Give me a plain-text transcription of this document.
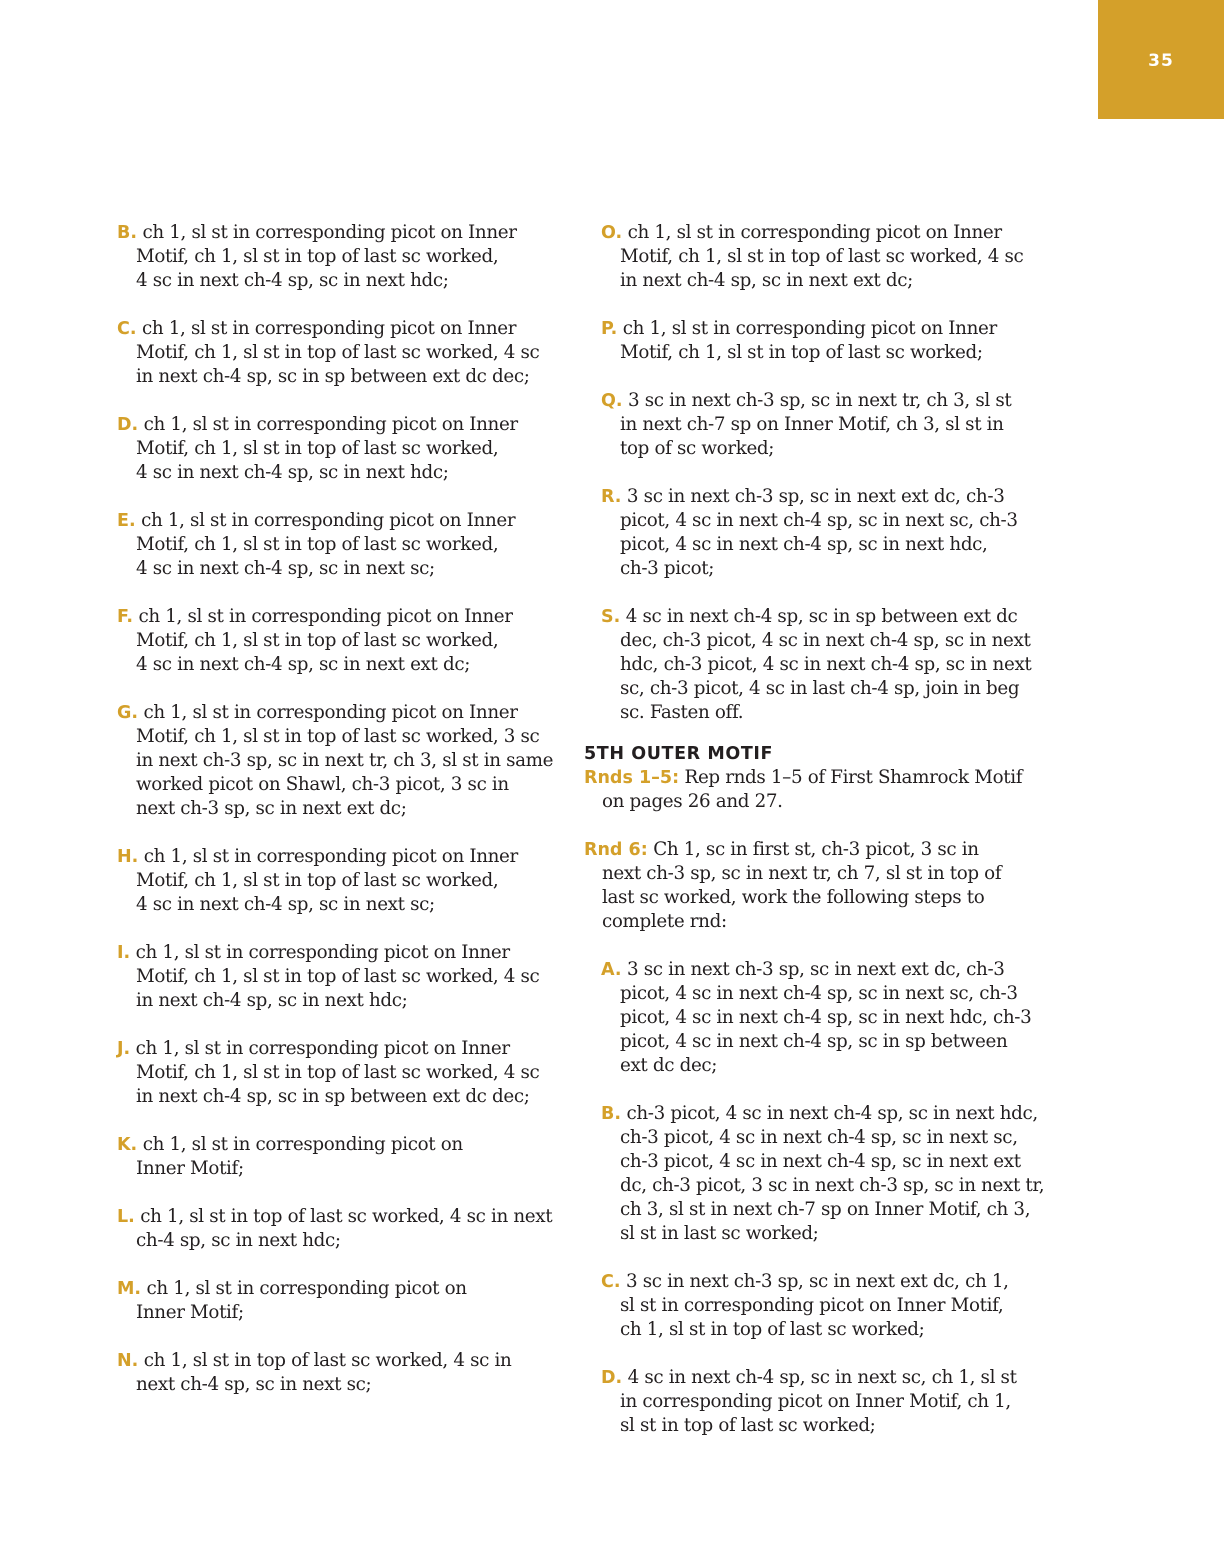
35

B. ch 1, sl st in corresponding picot on Inner
Motif, ch 1, sl st in top of last sc worked,
4 sc in next ch-4 sp, sc in next hdc;

C. ch 1, sl st in corresponding picot on Inner
Motif, ch 1, sl st in top of last sc worked, 4 sc
in next ch-4 sp, sc in sp between ext dc dec;

D. ch 1, sl st in corresponding picot on Inner
Motif, ch 1, sl st in top of last sc worked,
4 sc in next ch-4 sp, sc in next hdc;

E. ch 1, sl st in corresponding picot on Inner
Motif, ch 1, sl st in top of last sc worked,
4 sc in next ch-4 sp, sc in next sc;

F. ch 1, sl st in corresponding picot on Inner
Motif, ch 1, sl st in top of last sc worked,
4 sc in next ch-4 sp, sc in next ext dc;

G. ch 1, sl st in corresponding picot on Inner
Motif, ch 1, sl st in top of last sc worked, 3 sc
in next ch-3 sp, sc in next tr, ch 3, sl st in same
worked picot on Shawl, ch-3 picot, 3 sc in
next ch-3 sp, sc in next ext dc;

H. ch 1, sl st in corresponding picot on Inner
Motif, ch 1, sl st in top of last sc worked,
4 sc in next ch-4 sp, sc in next sc;

I. ch 1, sl st in corresponding picot on Inner
Motif, ch 1, sl st in top of last sc worked, 4 sc
in next ch-4 sp, sc in next hdc;

J. ch 1, sl st in corresponding picot on Inner
Motif, ch 1, sl st in top of last sc worked, 4 sc
in next ch-4 sp, sc in sp between ext dc dec;

K. ch 1, sl st in corresponding picot on
Inner Motif;

L. ch 1, sl st in top of last sc worked, 4 sc in next
ch-4 sp, sc in next hdc;

M. ch 1, sl st in corresponding picot on
Inner Motif;

N. ch 1, sl st in top of last sc worked, 4 sc in
next ch-4 sp, sc in next sc;

O. ch 1, sl st in corresponding picot on Inner
Motif, ch 1, sl st in top of last sc worked, 4 sc
in next ch-4 sp, sc in next ext dc;

P. ch 1, sl st in corresponding picot on Inner
Motif, ch 1, sl st in top of last sc worked;

Q. 3 sc in next ch-3 sp, sc in next tr, ch 3, sl st
in next ch-7 sp on Inner Motif, ch 3, sl st in
top of sc worked;

R. 3 sc in next ch-3 sp, sc in next ext dc, ch-3
picot, 4 sc in next ch-4 sp, sc in next sc, ch-3
picot, 4 sc in next ch-4 sp, sc in next hdc,
ch-3 picot;

S. 4 sc in next ch-4 sp, sc in sp between ext dc
dec, ch-3 picot, 4 sc in next ch-4 sp, sc in next
hdc, ch-3 picot, 4 sc in next ch-4 sp, sc in next
sc, ch-3 picot, 4 sc in last ch-4 sp, join in beg
sc. Fasten off.

5TH OUTER MOTIF

Rnds 1–5: Rep rnds 1–5 of First Shamrock Motif
on pages 26 and 27.

Rnd 6: Ch 1, sc in first st, ch-3 picot, 3 sc in
next ch-3 sp, sc in next tr, ch 7, sl st in top of
last sc worked, work the following steps to
complete rnd:

A. 3 sc in next ch-3 sp, sc in next ext dc, ch-3
picot, 4 sc in next ch-4 sp, sc in next sc, ch-3
picot, 4 sc in next ch-4 sp, sc in next hdc, ch-3
picot, 4 sc in next ch-4 sp, sc in sp between
ext dc dec;

B. ch-3 picot, 4 sc in next ch-4 sp, sc in next hdc,
ch-3 picot, 4 sc in next ch-4 sp, sc in next sc,
ch-3 picot, 4 sc in next ch-4 sp, sc in next ext
dc, ch-3 picot, 3 sc in next ch-3 sp, sc in next tr,
ch 3, sl st in next ch-7 sp on Inner Motif, ch 3,
sl st in last sc worked;

C. 3 sc in next ch-3 sp, sc in next ext dc, ch 1,
sl st in corresponding picot on Inner Motif,
ch 1, sl st in top of last sc worked;

D. 4 sc in next ch-4 sp, sc in next sc, ch 1, sl st
in corresponding picot on Inner Motif, ch 1,
sl st in top of last sc worked;
